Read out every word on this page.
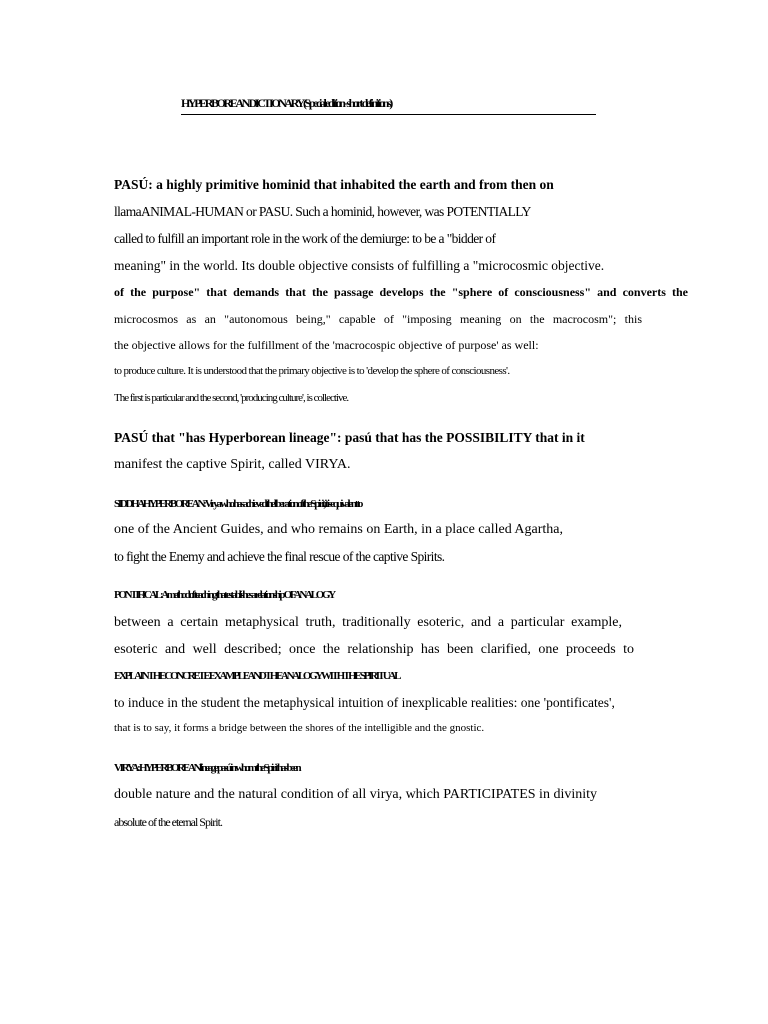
HYPERBOREAN DICTIONARY (Special edition - short definitions)
PASÚ: a highly primitive hominid that inhabited the earth and from then on
llamaANIMAL-HUMAN or PASU. Such a hominid, however, was POTENTIALLY
called to fulfill an important role in the work of the demiurge: to be a "bidder of
meaning" in the world. Its double objective consists of fulfilling a "microcosmic objective.
of the purpose" that demands that the passage develops the "sphere of consciousness" and converts the
microcosmos as an "autonomous being," capable of "imposing meaning on the macrocosm"; this
the objective allows for the fulfillment of the 'macrocospic objective of purpose' as well:
to produce culture. It is understood that the primary objective is to 'develop the sphere of consciousness'.
The first is particular and the second, 'producing culture', is collective.
PASÚ that "has Hyperborean lineage": pasú that has the POSSIBILITY that in it
manifest the captive Spirit, called VIRYA.
SIDDHA HYPERBOREAN: Virya who has achieved the liberation of the Spirit, it is equivalent to
one of the Ancient Guides, and who remains on Earth, in a place called Agartha,
to fight the Enemy and achieve the final rescue of the captive Spirits.
PONTIFICAL: A method of teaching that establishes a relationship OF ANALOGY
between a certain metaphysical truth, traditionally esoteric, and a particular example,
esoteric and well described; once the relationship has been clarified, one proceeds to
EXPLAIN THE CONCRETE EXAMPLE AND THE ANALOGY WITH THE SPIRITUAL
to induce in the student the metaphysical intuition of inexplicable realities: one 'pontificates',
that is to say, it forms a bridge between the shores of the intelligible and the gnostic.
VIRYA: HYPERBOREAN lineage pasú in whom the Spirit has been
double nature and the natural condition of all virya, which PARTICIPATES in divinity
absolute of the eternal Spirit.
